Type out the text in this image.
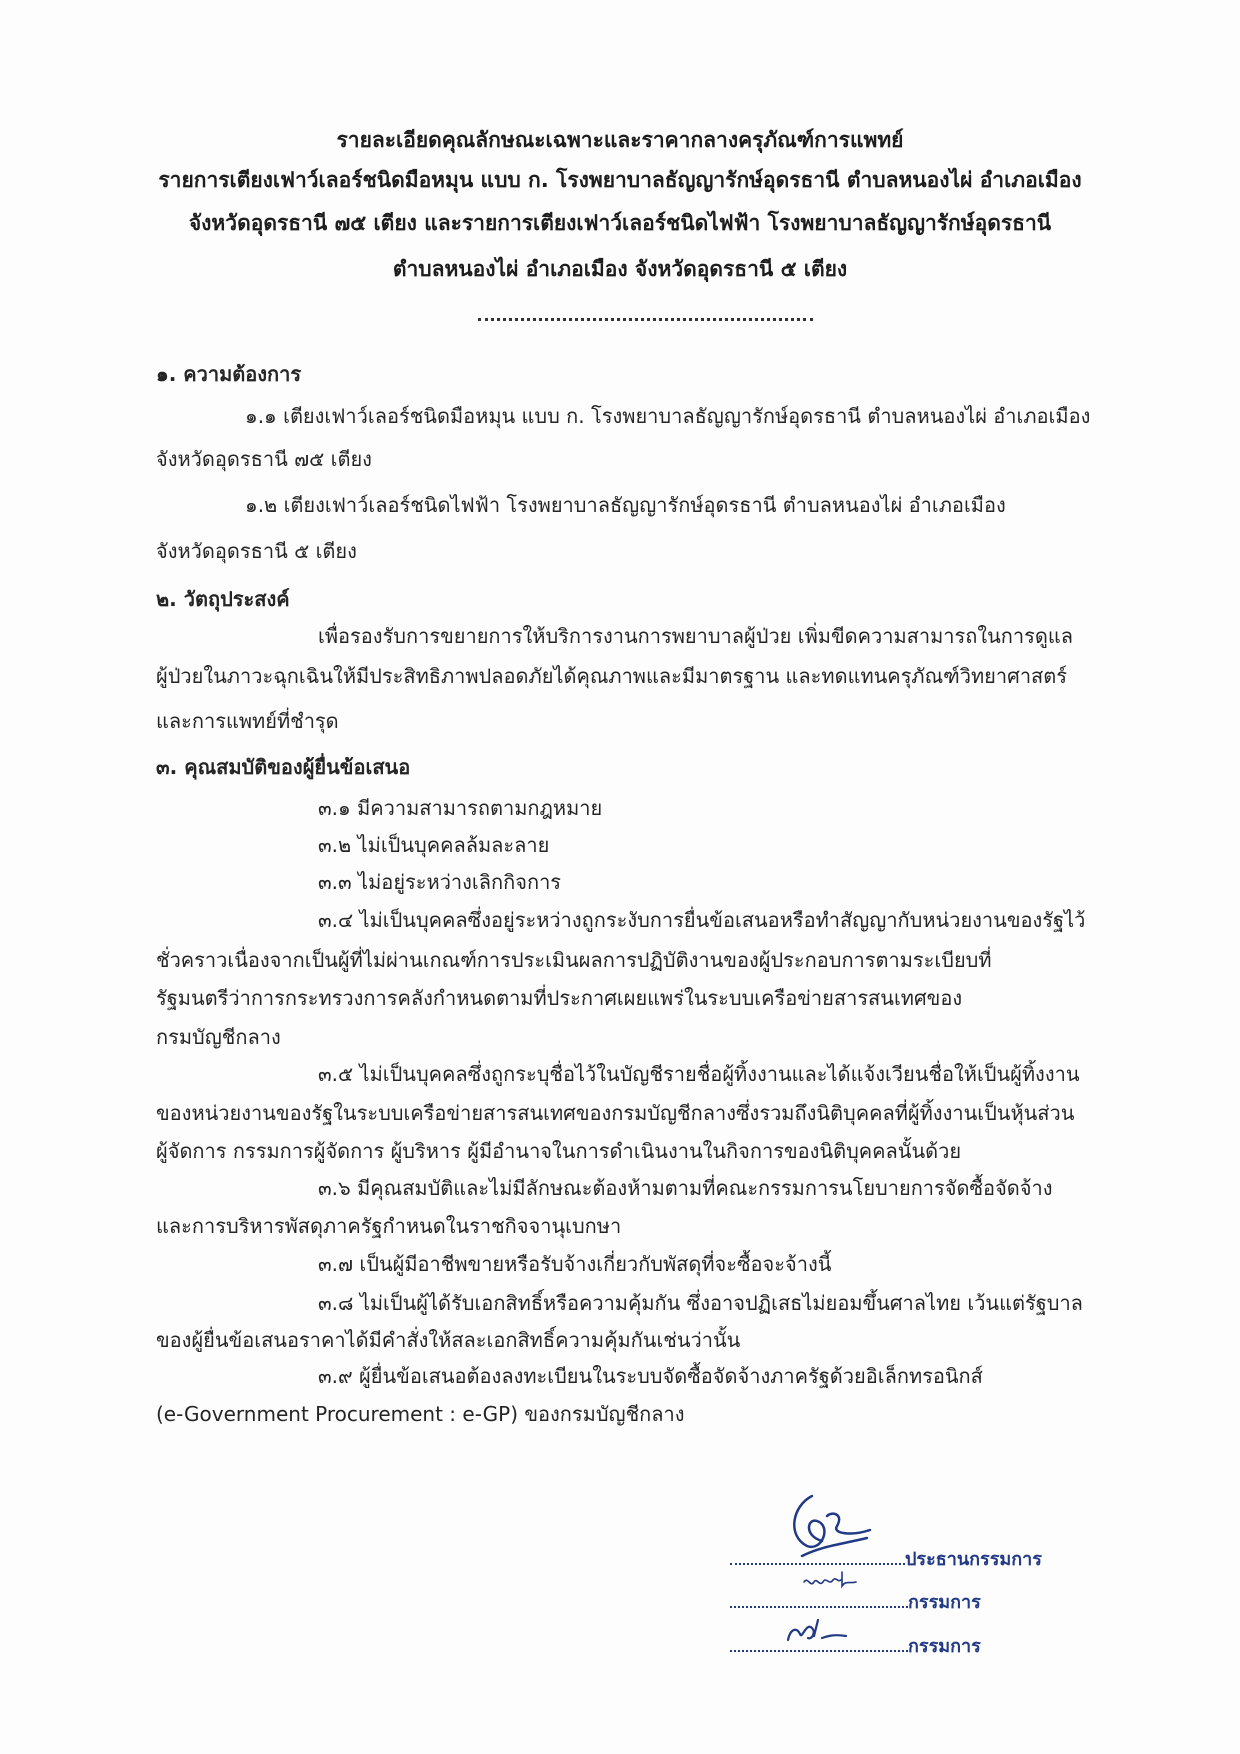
รายละเอียดคุณลักษณะเฉพาะและราคากลางครุภัณฑ์การแพทย์
รายการเตียงเฟาว์เลอร์ชนิดมือหมุน แบบ ก. โรงพยาบาลธัญญารักษ์อุดรธานี ตำบลหนองไผ่ อำเภอเมือง
จังหวัดอุดรธานี ๗๕ เตียง และรายการเตียงเฟาว์เลอร์ชนิดไฟฟ้า โรงพยาบาลธัญญารักษ์อุดรธานี
ตำบลหนองไผ่ อำเภอเมือง จังหวัดอุดรธานี ๕ เตียง
๑. ความต้องการ
๑.๑ เตียงเฟาว์เลอร์ชนิดมือหมุน แบบ ก. โรงพยาบาลธัญญารักษ์อุดรธานี ตำบลหนองไผ่ อำเภอเมือง
จังหวัดอุดรธานี ๗๕ เตียง
๑.๒ เตียงเฟาว์เลอร์ชนิดไฟฟ้า โรงพยาบาลธัญญารักษ์อุดรธานี ตำบลหนองไผ่ อำเภอเมือง
จังหวัดอุดรธานี ๕ เตียง
๒. วัตถุประสงค์
เพื่อรองรับการขยายการให้บริการงานการพยาบาลผู้ป่วย เพิ่มขีดความสามารถในการดูแล
ผู้ป่วยในภาวะฉุกเฉินให้มีประสิทธิภาพปลอดภัยได้คุณภาพและมีมาตรฐาน และทดแทนครุภัณฑ์วิทยาศาสตร์
และการแพทย์ที่ชำรุด
๓. คุณสมบัติของผู้ยื่นข้อเสนอ
๓.๑ มีความสามารถตามกฎหมาย
๓.๒ ไม่เป็นบุคคลล้มละลาย
๓.๓ ไม่อยู่ระหว่างเลิกกิจการ
๓.๔ ไม่เป็นบุคคลซึ่งอยู่ระหว่างถูกระงับการยื่นข้อเสนอหรือทำสัญญากับหน่วยงานของรัฐไว้
ชั่วคราวเนื่องจากเป็นผู้ที่ไม่ผ่านเกณฑ์การประเมินผลการปฏิบัติงานของผู้ประกอบการตามระเบียบที่
รัฐมนตรีว่าการกระทรวงการคลังกำหนดตามที่ประกาศเผยแพร่ในระบบเครือข่ายสารสนเทศของ
กรมบัญชีกลาง
๓.๕ ไม่เป็นบุคคลซึ่งถูกระบุชื่อไว้ในบัญชีรายชื่อผู้ทิ้งงานและได้แจ้งเวียนชื่อให้เป็นผู้ทิ้งงาน
ของหน่วยงานของรัฐในระบบเครือข่ายสารสนเทศของกรมบัญชีกลางซึ่งรวมถึงนิติบุคคลที่ผู้ทิ้งงานเป็นหุ้นส่วน
ผู้จัดการ กรรมการผู้จัดการ ผู้บริหาร ผู้มีอำนาจในการดำเนินงานในกิจการของนิติบุคคลนั้นด้วย
๓.๖ มีคุณสมบัติและไม่มีลักษณะต้องห้ามตามที่คณะกรรมการนโยบายการจัดซื้อจัดจ้าง
และการบริหารพัสดุภาครัฐกำหนดในราชกิจจานุเบกษา
๓.๗ เป็นผู้มีอาชีพขายหรือรับจ้างเกี่ยวกับพัสดุที่จะซื้อจะจ้างนี้
๓.๘ ไม่เป็นผู้ได้รับเอกสิทธิ์หรือความคุ้มกัน ซึ่งอาจปฏิเสธไม่ยอมขึ้นศาลไทย เว้นแต่รัฐบาล
ของผู้ยื่นข้อเสนอราคาได้มีคำสั่งให้สละเอกสิทธิ์ความคุ้มกันเช่นว่านั้น
๓.๙ ผู้ยื่นข้อเสนอต้องลงทะเบียนในระบบจัดซื้อจัดจ้างภาครัฐด้วยอิเล็กทรอนิกส์
(e-Government Procurement : e-GP) ของกรมบัญชีกลาง
ประธานกรรมการ
กรรมการ
กรรมการ
